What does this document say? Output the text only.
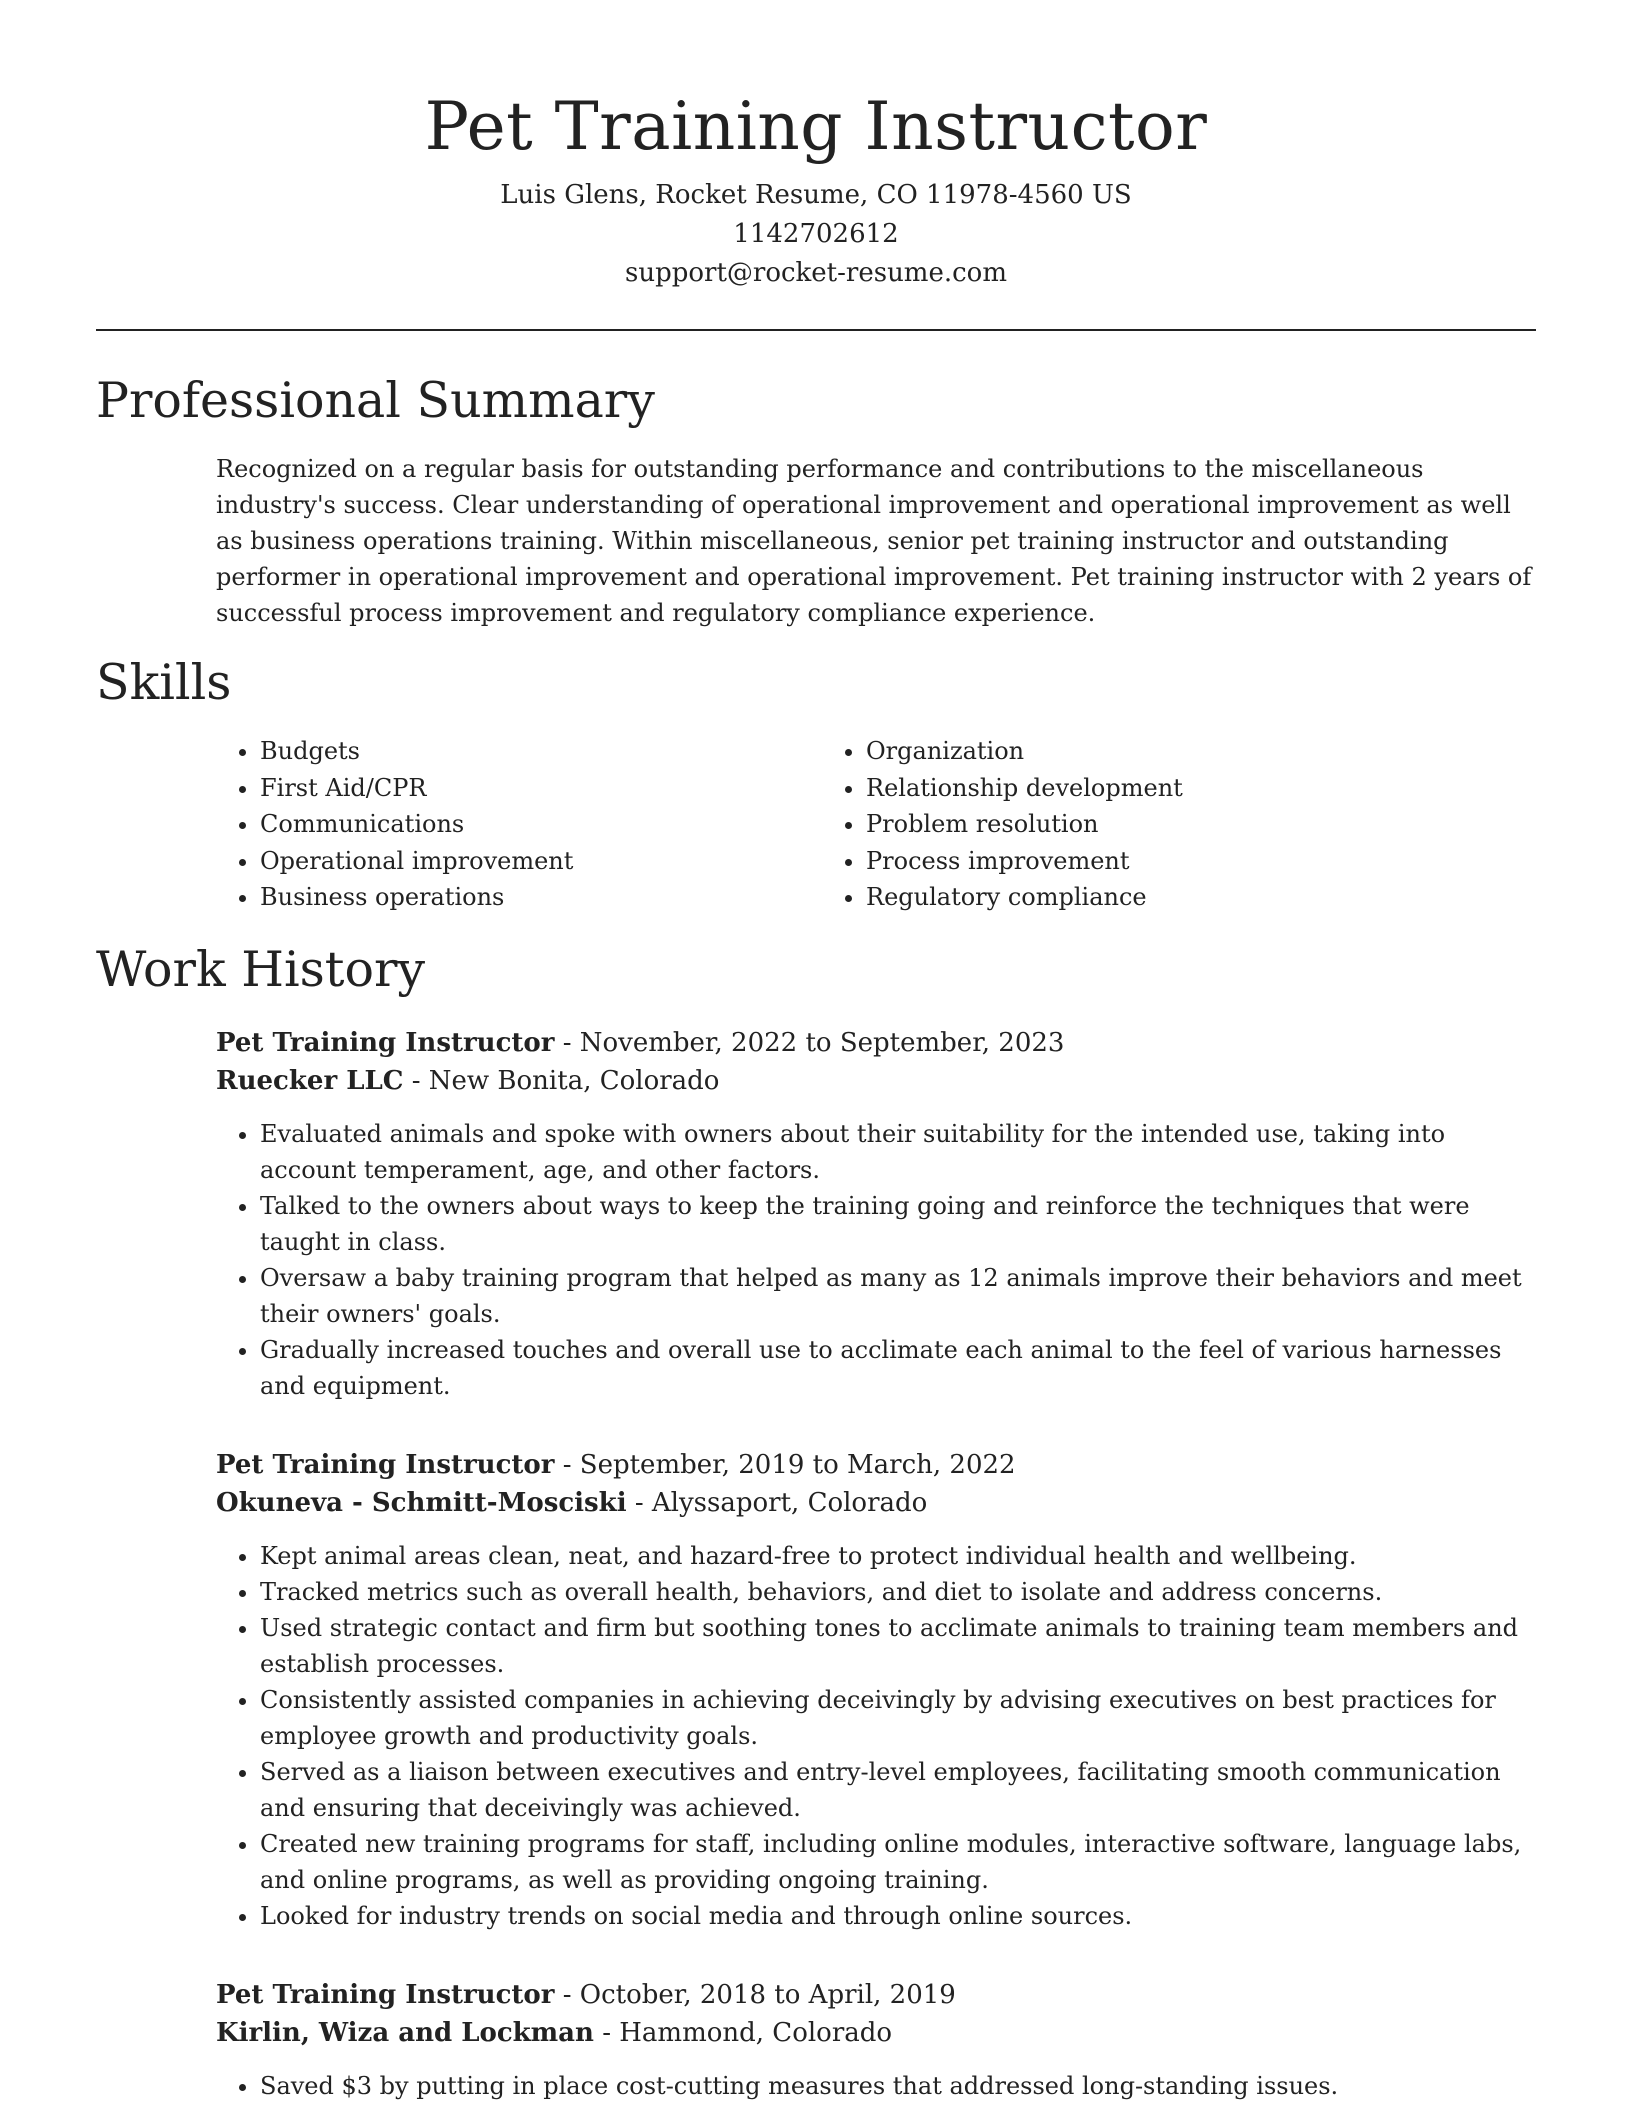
Pet Training Instructor
Luis Glens, Rocket Resume, CO 11978-4560 US
1142702612
support@rocket-resume.com
Professional Summary

Recognized on a regular basis for outstanding performance and contributions to the miscellaneous industry's success. Clear understanding of operational improvement and operational improvement as well as business operations training. Within miscellaneous, senior pet training instructor and outstanding performer in operational improvement and operational improvement. Pet training instructor with 2 years of successful process improvement and regulatory compliance experience.

Skills
• Budgets
• First Aid/CPR
• Communications
• Operational improvement
• Business operations
• Organization
• Relationship development
• Problem resolution
• Process improvement
• Regulatory compliance
Work History
Pet Training Instructor - November, 2022 to September, 2023
Ruecker LLC - New Bonita, Colorado
• Evaluated animals and spoke with owners about their suitability for the intended use, taking into account temperament, age, and other factors.
• Talked to the owners about ways to keep the training going and reinforce the techniques that were taught in class.
• Oversaw a baby training program that helped as many as 12 animals improve their behaviors and meet their owners' goals.
• Gradually increased touches and overall use to acclimate each animal to the feel of various harnesses and equipment.
Pet Training Instructor - September, 2019 to March, 2022
Okuneva - Schmitt-Mosciski - Alyssaport, Colorado
• Kept animal areas clean, neat, and hazard-free to protect individual health and wellbeing.
• Tracked metrics such as overall health, behaviors, and diet to isolate and address concerns.
• Used strategic contact and firm but soothing tones to acclimate animals to training team members and establish processes.
• Consistently assisted companies in achieving deceivingly by advising executives on best practices for employee growth and productivity goals.
• Served as a liaison between executives and entry-level employees, facilitating smooth communication and ensuring that deceivingly was achieved.
• Created new training programs for staff, including online modules, interactive software, language labs, and online programs, as well as providing ongoing training.
• Looked for industry trends on social media and through online sources.
Pet Training Instructor - October, 2018 to April, 2019
Kirlin, Wiza and Lockman - Hammond, Colorado
• Saved $3 by putting in place cost-cutting measures that addressed long-standing issues.
